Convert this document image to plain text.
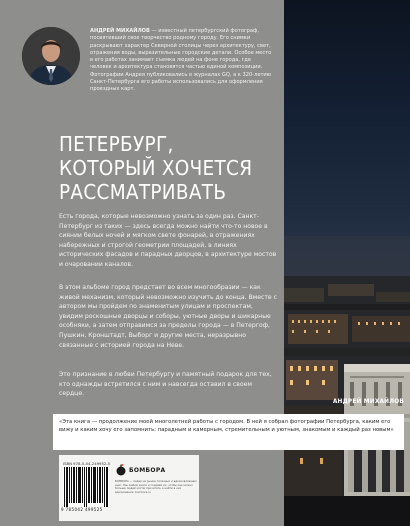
АНДРЕЙ МИХАЙЛОВ — известный петербургский фотограф, посвятивший свое творчество родному городу. Его снимки раскрывают характер Северной столицы через архитектуру, свет, отражения воды, выразительные городские детали. Особое место в его работах занимает съемка людей на фоне города, где человек и архитектура становятся частью единой композиции. Фотографии Андрея публиковались в журналах GQ, а к 320-летию Санкт-Петербурга его работы использовались для оформления проездных карт.

ПЕТЕРБУРГ,
КОТОРЫЙ ХОЧЕТСЯ
РАССМАТРИВАТЬ

Есть города, которые невозможно узнать за один раз. Санкт-Петербург из таких — здесь всегда можно найти что-то новое в сиянии белых ночей и мягком свете фонарей, в отражениях набережных и строгой геометрии площадей, в линиях исторических фасадов и парадных дворцов, в архитектуре мостов и очаровании каналов.

В этом альбоме город предстает во всем многообразии — как живой механизм, который невозможно изучить до конца. Вместе с автором мы пройдем по знаменитым улицам и проспектам, увидим роскошные дворцы и соборы, уютные дворы и шикарные особняки, а затем отправимся за пределы города — в Петергоф, Пушкин, Кронштадт, Выборг и другие места, неразрывно связанные с историей города на Неве.

Это признание в любви Петербургу и памятный подарок для тех, кто однажды встретился с ним и навсегда оставил в своем сердце.

АНДРЕЙ МИХАЙЛОВ

«Эта книга — продолжение моей многолетней работы с городом. В ней я собрал фотографии Петербурга, каким его вижу и каким хочу его запомнить: парадным и камерным, стремительным и уютным, знакомым и каждый раз новым»

ISBN 978-5-04-249952-5
9 785042 499525
БОМБОРА

БОМБОРА — лидер на рынке полезных и вдохновляющих книг. Мы любим книги и создаем их, чтобы как можно больше людей могли прочитать и найти в них вдохновение. bombora.ru
